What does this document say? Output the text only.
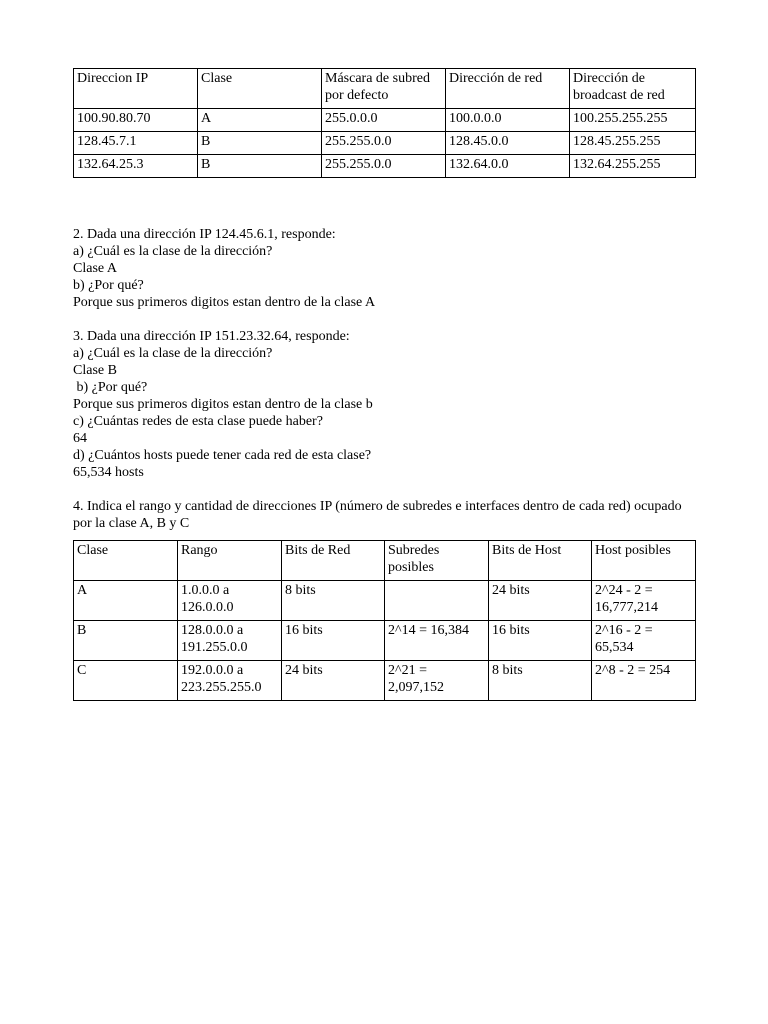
Direccion IP	Clase	Máscara de subred por defecto	Dirección de red	Dirección de broadcast de red
100.90.80.70	A	255.0.0.0	100.0.0.0	100.255.255.255
128.45.7.1	B	255.255.0.0	128.45.0.0	128.45.255.255
132.64.25.3	B	255.255.0.0	132.64.0.0	132.64.255.255

2. Dada una dirección IP 124.45.6.1, responde:

a) ¿Cuál es la clase de la dirección?

Clase A

b) ¿Por qué?

Porque sus primeros digitos estan dentro de la clase A

3. Dada una dirección IP 151.23.32.64, responde:

a) ¿Cuál es la clase de la dirección?

Clase B

b) ¿Por qué?

Porque sus primeros digitos estan dentro de la clase b

c) ¿Cuántas redes de esta clase puede haber?

64

d) ¿Cuántos hosts puede tener cada red de esta clase?

65,534 hosts

4. Indica el rango y cantidad de direcciones IP (número de subredes e interfaces dentro de cada red) ocupado por la clase A, B y C

Clase	Rango	Bits de Red	Subredes posibles	Bits de Host	Host posibles
A	1.0.0.0 a 126.0.0.0	8 bits		24 bits	2^24 - 2 = 16,777,214
B	128.0.0.0 a 191.255.0.0	16 bits	2^14 = 16,384	16 bits	2^16 - 2 = 65,534
C	192.0.0.0 a 223.255.255.0	24 bits	2^21 = 2,097,152	8 bits	2^8 - 2 = 254
